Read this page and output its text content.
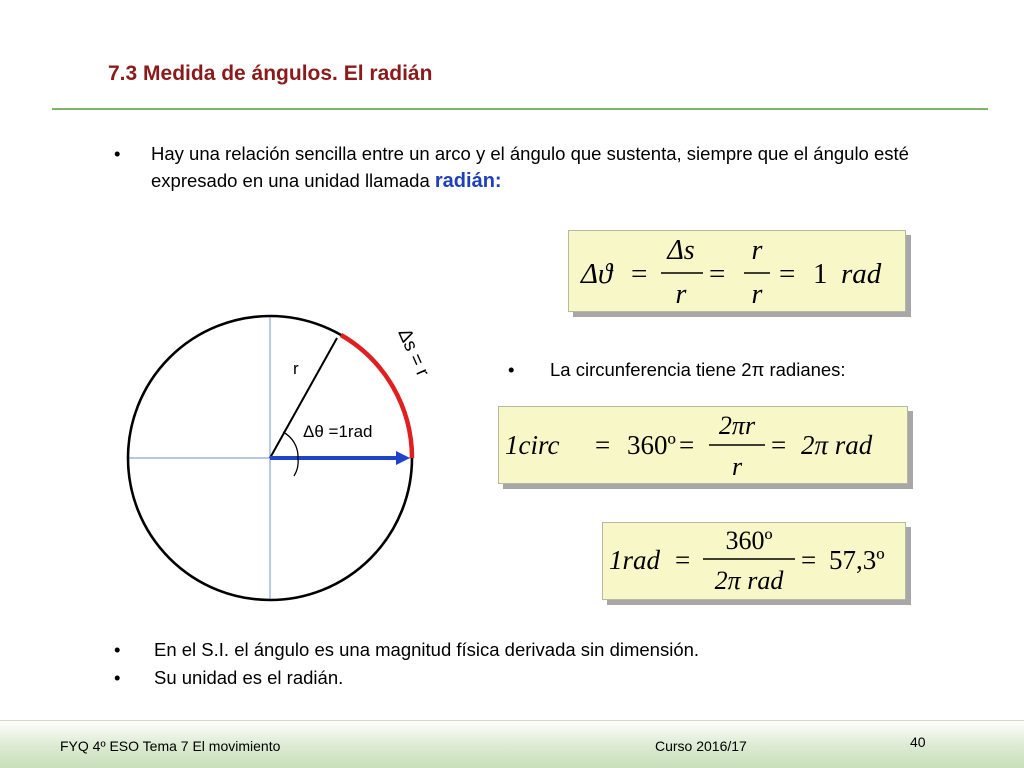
7.3 Medida de ángulos. El radián
• Hay una relación sencilla entre un arco y el ángulo que sustenta, siempre que el ángulo esté expresado en una unidad llamada radián:
Δϑ =
Δs
r
=
r
r
= 1 rad
r
Δθ =1rad
Δs = r	• La circunferencia tiene 2π radianes:
1circ = 360º =
2πr
r
= 2π rad
1rad =
360º
2π rad
= 57,3º
• En el S.I. el ángulo es una magnitud física derivada sin dimensión.
• Su unidad es el radián.
FYQ 4º ESO Tema 7 El movimiento	Curso 2016/17	40
